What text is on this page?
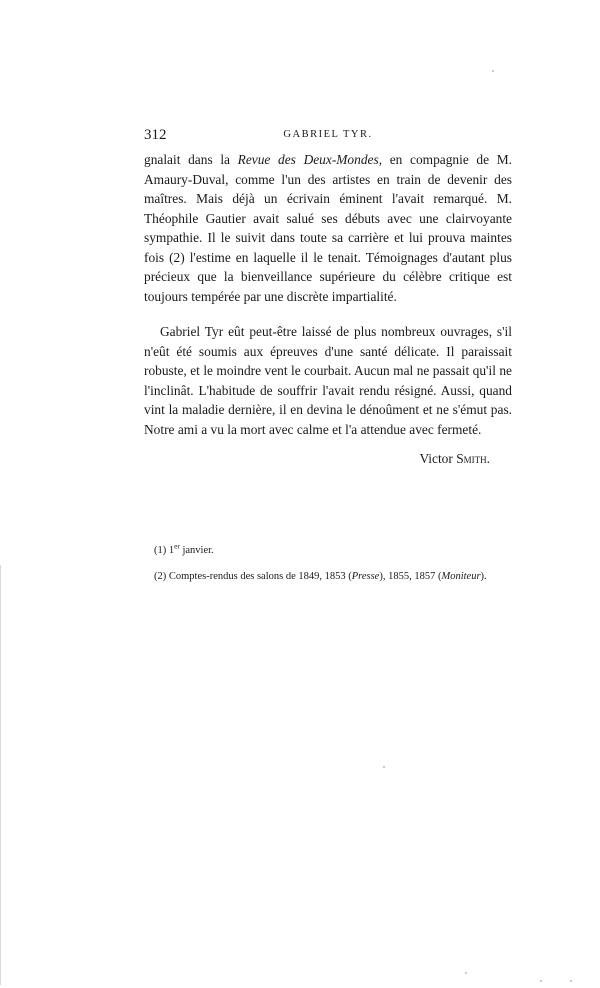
312	GABRIEL TYR.

gnalait dans la Revue des Deux-Mondes, en compagnie de M. Amaury-Duval, comme l'un des artistes en train de devenir des maîtres. Mais déjà un écrivain éminent l'avait remarqué. M. Théophile Gautier avait salué ses débuts avec une clairvoyante sympathie. Il le suivit dans toute sa carrière et lui prouva maintes fois (2) l'estime en laquelle il le tenait. Témoignages d'autant plus précieux que la bienveillance supérieure du célèbre critique est toujours tempérée par une discrète impartialité.

Gabriel Tyr eût peut-être laissé de plus nombreux ouvrages, s'il n'eût été soumis aux épreuves d'une santé délicate. Il paraissait robuste, et le moindre vent le courbait. Aucun mal ne passait qu'il ne l'inclinât. L'habitude de souffrir l'avait rendu résigné. Aussi, quand vint la maladie dernière, il en devina le dénoûment et ne s'émut pas. Notre ami a vu la mort avec calme et l'a attendue avec fermeté.

Victor Smith.

(1) 1er janvier.

(2) Comptes-rendus des salons de 1849, 1853 (Presse), 1855, 1857 (Moniteur).
